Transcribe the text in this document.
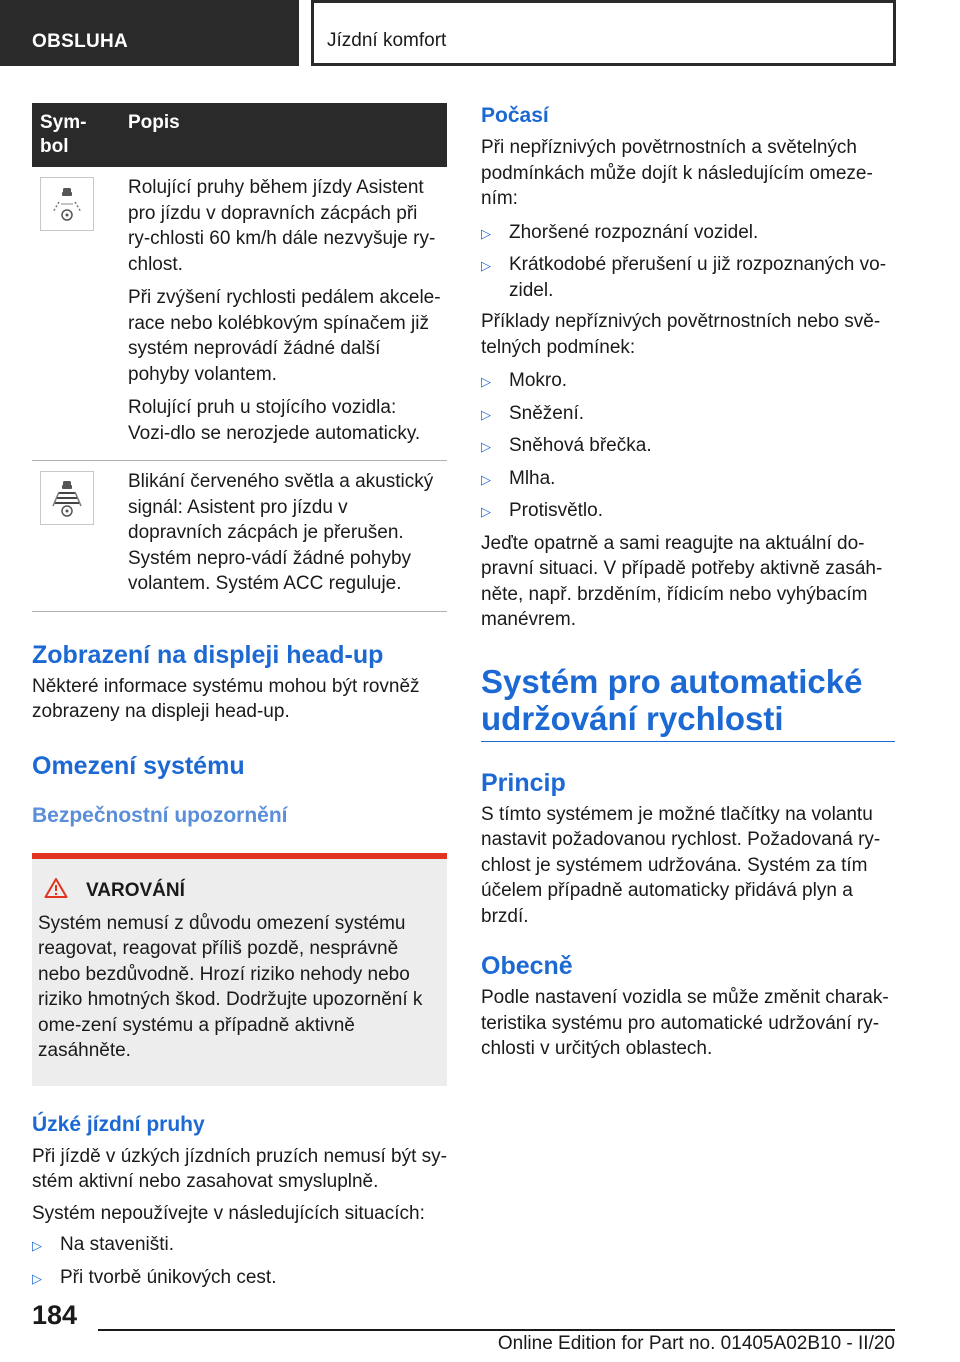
OBSLUHA	Jízdní komfort
Sym-
bol	Popis

Rolující pruhy během jízdy Asistent pro jízdu v dopravních zácpách při ry-chlosti 60 km/h dále nezvyšuje ry-chlost.

Při zvýšení rychlosti pedálem akcele-race nebo kolébkovým spínačem již systém neprovádí žádné další pohyby volantem.

Rolující pruh u stojícího vozidla: Vozi-dlo se nerozjede automaticky.

Blikání červeného světla a akustický signál: Asistent pro jízdu v dopravních zácpách je přerušen. Systém nepro-vádí žádné pohyby volantem. Systém ACC reguluje.

Zobrazení na displeji head-up

Některé informace systému mohou být rovněž zobrazeny na displeji head-up.

Omezení systému
Bezpečnostní upozornění
VAROVÁNÍ

Systém nemusí z důvodu omezení systému reagovat, reagovat příliš pozdě, nesprávně nebo bezdůvodně. Hrozí riziko nehody nebo riziko hmotných škod. Dodržujte upozornění k ome-zení systému a případně aktivně zasáhněte.

Úzké jízdní pruhy

Při jízdě v úzkých jízdních pruzích nemusí být sy-stém aktivní nebo zasahovat smysluplně.

Systém nepoužívejte v následujících situacích:

▷ Na staveništi.
▷ Při tvorbě únikových cest.
Počasí

Při nepříznivých povětrnostních a světelných podmínkách může dojít k následujícím omeze-ním:

▷ Zhoršené rozpoznání vozidel.
▷ Krátkodobé přerušení u již rozpoznaných vo-zidel.

Příklady nepříznivých povětrnostních nebo svě-telných podmínek:

▷ Mokro.
▷ Sněžení.
▷ Sněhová břečka.
▷ Mlha.
▷ Protisvětlo.

Jeďte opatrně a sami reagujte na aktuální do-pravní situaci. V případě potřeby aktivně zasáh-něte, např. brzděním, řídicím nebo vyhýbacím manévrem.

Systém pro automatické
udržování rychlosti
Princip

S tímto systémem je možné tlačítky na volantu nastavit požadovanou rychlost. Požadovaná ry-chlost je systémem udržována. Systém za tím účelem případně automaticky přidává plyn a brzdí.

Obecně

Podle nastavení vozidla se může změnit charak-teristika systému pro automatické udržování ry-chlosti v určitých oblastech.

184
Online Edition for Part no. 01405A02B10 - II/20
